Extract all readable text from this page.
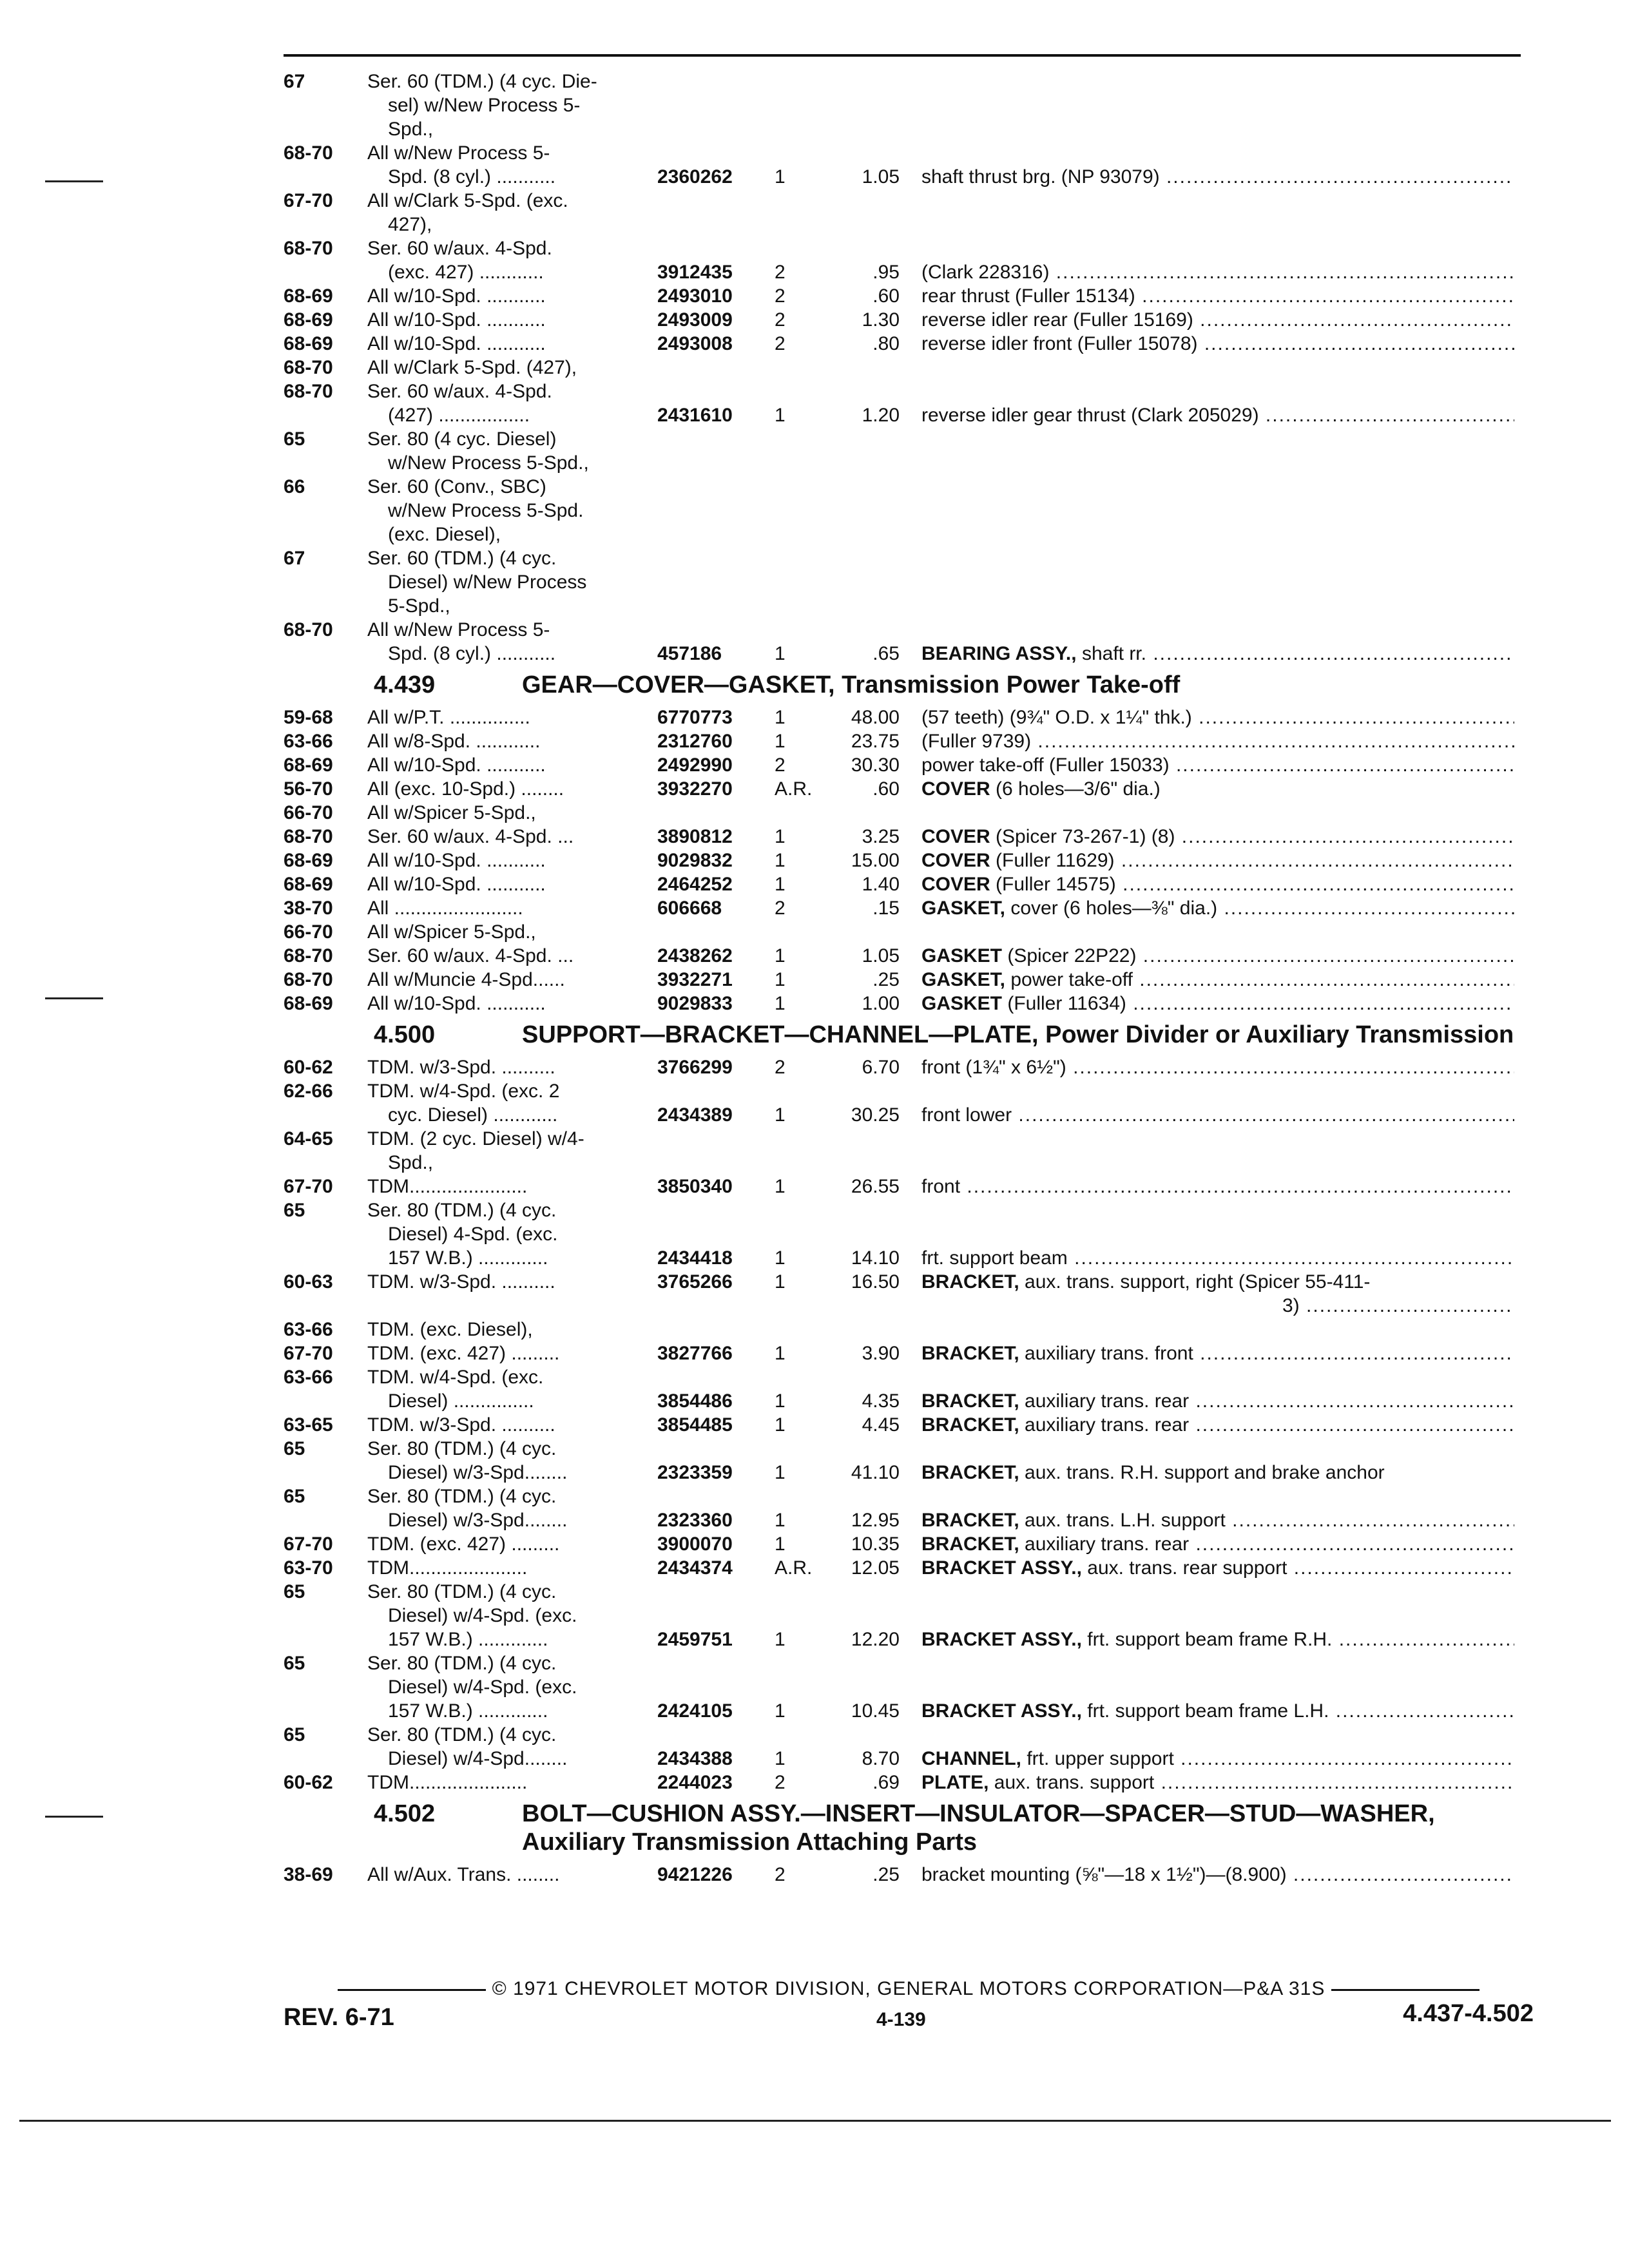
67	Ser. 60 (TDM.) (4 cyc. Die-
sel) w/New Process 5-
Spd.,
68-70	All w/New Process 5-
Spd. (8 cyl.) ...........	2360262	1	1.05	shaft thrust brg. (NP 93079) .....
67-70	All w/Clark 5-Spd. (exc.
427),
68-70	Ser. 60 w/aux. 4-Spd.
(exc. 427) ............	3912435	2	.95	(Clark 228316) .....
68-69	All w/10-Spd. ...........	2493010	2	.60	rear thrust (Fuller 15134) .....
68-69	All w/10-Spd. ...........	2493009	2	1.30	reverse idler rear (Fuller 15169) .....
68-69	All w/10-Spd. ...........	2493008	2	.80	reverse idler front (Fuller 15078) .....
68-70	All w/Clark 5-Spd. (427),
68-70	Ser. 60 w/aux. 4-Spd.
(427) .................	2431610	1	1.20	reverse idler gear thrust (Clark 205029) .....
65	Ser. 80 (4 cyc. Diesel)
w/New Process 5-Spd.,
66	Ser. 60 (Conv., SBC)
w/New Process 5-Spd.
(exc. Diesel),
67	Ser. 60 (TDM.) (4 cyc.
Diesel) w/New Process
5-Spd.,
68-70	All w/New Process 5-
Spd. (8 cyl.) ...........	457186	1	.65	BEARING ASSY., shaft rr. .....
4.439	GEAR—COVER—GASKET, Transmission Power Take-off
59-68	All w/P.T. ...............	6770773	1	48.00	(57 teeth) (9¾" O.D. x 1¼" thk.) .....
63-66	All w/8-Spd. ............	2312760	1	23.75	(Fuller 9739) .....
68-69	All w/10-Spd. ...........	2492990	2	30.30	power take-off (Fuller 15033) .....
56-70	All (exc. 10-Spd.) ........	3932270	A.R.	.60	COVER (6 holes—3/6" dia.)
66-70	All w/Spicer 5-Spd.,
68-70	Ser. 60 w/aux. 4-Spd. ...	3890812	1	3.25	COVER (Spicer 73-267-1) (8) .....
68-69	All w/10-Spd. ...........	9029832	1	15.00	COVER (Fuller 11629) .....
68-69	All w/10-Spd. ...........	2464252	1	1.40	COVER (Fuller 14575) .....
38-70	All ........................	606668	2	.15	GASKET, cover (6 holes—⅜" dia.) .....
66-70	All w/Spicer 5-Spd.,
68-70	Ser. 60 w/aux. 4-Spd. ...	2438262	1	1.05	GASKET (Spicer 22P22) .....
68-70	All w/Muncie 4-Spd......	3932271	1	.25	GASKET, power take-off .....
68-69	All w/10-Spd. ...........	9029833	1	1.00	GASKET (Fuller 11634) .....
4.500	SUPPORT—BRACKET—CHANNEL—PLATE, Power Divider or Auxiliary Transmission
60-62	TDM. w/3-Spd. ..........	3766299	2	6.70	front (1¾" x 6½") .....
62-66	TDM. w/4-Spd. (exc. 2
cyc. Diesel) ............	2434389	1	30.25	front lower .....
64-65	TDM. (2 cyc. Diesel) w/4-
Spd.,
67-70	TDM......................	3850340	1	26.55	front .....
65	Ser. 80 (TDM.) (4 cyc.
Diesel) 4-Spd. (exc.
157 W.B.) .............	2434418	1	14.10	frt. support beam .....
60-63	TDM. w/3-Spd. ..........	3765266	1	16.50	BRACKET, aux. trans. support, right (Spicer 55-411-
3) .....
63-66	TDM. (exc. Diesel),
67-70	TDM. (exc. 427) .........	3827766	1	3.90	BRACKET, auxiliary trans. front .....
63-66	TDM. w/4-Spd. (exc.
Diesel) ...............	3854486	1	4.35	BRACKET, auxiliary trans. rear .....
63-65	TDM. w/3-Spd. ..........	3854485	1	4.45	BRACKET, auxiliary trans. rear .....
65	Ser. 80 (TDM.) (4 cyc.
Diesel) w/3-Spd........	2323359	1	41.10	BRACKET, aux. trans. R.H. support and brake anchor
65	Ser. 80 (TDM.) (4 cyc.
Diesel) w/3-Spd........	2323360	1	12.95	BRACKET, aux. trans. L.H. support .....
67-70	TDM. (exc. 427) .........	3900070	1	10.35	BRACKET, auxiliary trans. rear .....
63-70	TDM......................	2434374	A.R.	12.05	BRACKET ASSY., aux. trans. rear support .....
65	Ser. 80 (TDM.) (4 cyc.
Diesel) w/4-Spd. (exc.
157 W.B.) .............	2459751	1	12.20	BRACKET ASSY., frt. support beam frame R.H. .....
65	Ser. 80 (TDM.) (4 cyc.
Diesel) w/4-Spd. (exc.
157 W.B.) .............	2424105	1	10.45	BRACKET ASSY., frt. support beam frame L.H. .....
65	Ser. 80 (TDM.) (4 cyc.
Diesel) w/4-Spd........	2434388	1	8.70	CHANNEL, frt. upper support .....
60-62	TDM......................	2244023	2	.69	PLATE, aux. trans. support .....
4.502	BOLT—CUSHION ASSY.—INSERT—INSULATOR—SPACER—STUD—WASHER, Auxiliary Transmission Attaching Parts
38-69	All w/Aux. Trans. ........	9421226	2	.25	bracket mounting (⅝"—18 x 1½")—(8.900) .....
© 1971 CHEVROLET MOTOR DIVISION, GENERAL MOTORS CORPORATION—P&A 31S
REV. 6-71	4-139	4.437-4.502
